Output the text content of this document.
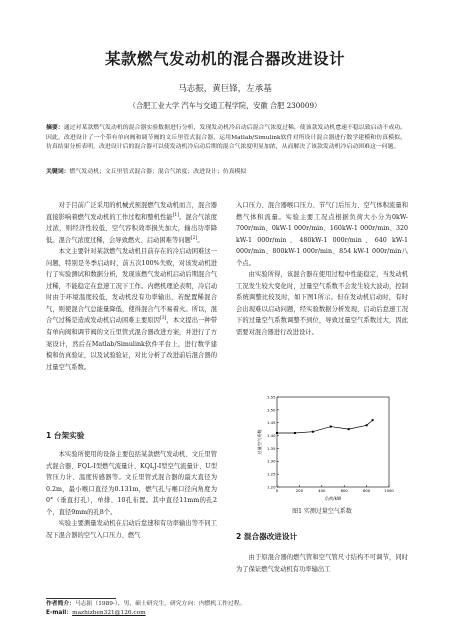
某款燃气发动机的混合器改进设计
马志振，黄巨锋，左承基
（合肥工业大学 汽车与交通工程学院，安徽 合肥 230009）
摘要：通过对某款燃气发动机的混合器实验数据进行分析，发现发动机冷启动后混合气浓度过稀，使该款发动机怠速不稳以致启动不成功。因此，改进设计了一个带有单向阀和调节阀的文丘里管式混合器，运用Matlab/Simulink软件对所设计混合器进行数学建模和仿真模拟。仿真结果分析表明，改进设计后的混合器可以使发动机冷启动后期的混合气浓度明显加浓，从而解决了该款发动机冷启动困难这一问题。
关键词：燃气发动机；文丘里管式混合器；混合气浓度；改进设计；仿真模拟

对于目前广泛采用的机械式预混燃气发动机而言，混合器直接影响着燃气发动机的工作过程和整机性能[1]。混合气浓度过浓，则经济性较低，空气容积效率损失加大，输出功率降低。混合气浓度过稀，会导致燃火、启动困难等问题[2]。

本文主要针对某款燃气发动机目前存在的冷启动困难这一问题，特别是冬季启动时，前五次100%失败，对该发动机进行了实验测试和数据分析，发现该燃气发动机启动后期混合气过稀，不能稳定在怠速工况下工作。内燃机理论表明，冷启动时由于环境温度较低，发动机没有功率输出，若配置稀混合气，则使混合气总能量降低，使得混合气不易着火。所以，混合气过稀是造成发动机启动困难主要原因[3]，本文提出一种带有单向阀和调节阀的文丘里管式混合器改进方案，并进行了方案设计，然后在Matlab/Simulink软件平台上，进行数学建模和仿真验证，以及试验验证，对比分析了改进前后混合器的过量空气系数。

1 台架实验

本实验所使用的设备主要包括某款燃气发动机、文丘里管式混合器、FQL-I型燃气流量计、KQLJ-I型空气流量计、U型管压力计、温度传感器等。文丘里管式混合器的最大直径为0.2m，最小喉口直径为0.131m，燃气孔与喉口径向角度为0°（垂直打孔），单排、10孔布置。其中直径11mm的孔2个，直径9mm的孔8个。

实验主要测量发动机在启动后怠速和有功率输出等不同工况下混合器的空气入口压力、燃气

入口压力、混合器喉口压力、节气门后压力、空气体积流量和燃气体积流量。实验主要工况点根据负荷大小分为0kW-700r/min、0kW-1 000r/min、160kW-1 000r/min、320 kW-1 000r/min、480kW-1 000r/min、640 kW-1 000r/min、800kW-1 000r/min、854 kW-1 000r/min八个点。

由实验所得，该混合器在使用过程中性能稳定，当发动机工况发生较大变化时，过量空气系数不会发生较大波动，控制系统调整比较及时，如下图1所示。但在发动机启动时，有时会出现难以启动问题，经实验数据分析发现，启动后怠速工况下的过量空气系数调整不到位，导致过量空气系数过大，因此需要对混合器进行改进设计。

1.20
1.25
1.30
1.35
1.40
1.45
1.50
1.55
0	200	400	600	800	1000
过量空气系数
负荷/kW
图1 实测过量空气系数
2 混合器改进设计

由于原混合器的燃气管和空气管尺寸结构不可调节，同时为了保证燃气发动机有功率输出工

作者简介：马志振（1989-），男，硕士研究生，研究方向：内燃机工作过程。
E-mail：mazhizhen321@126.com
